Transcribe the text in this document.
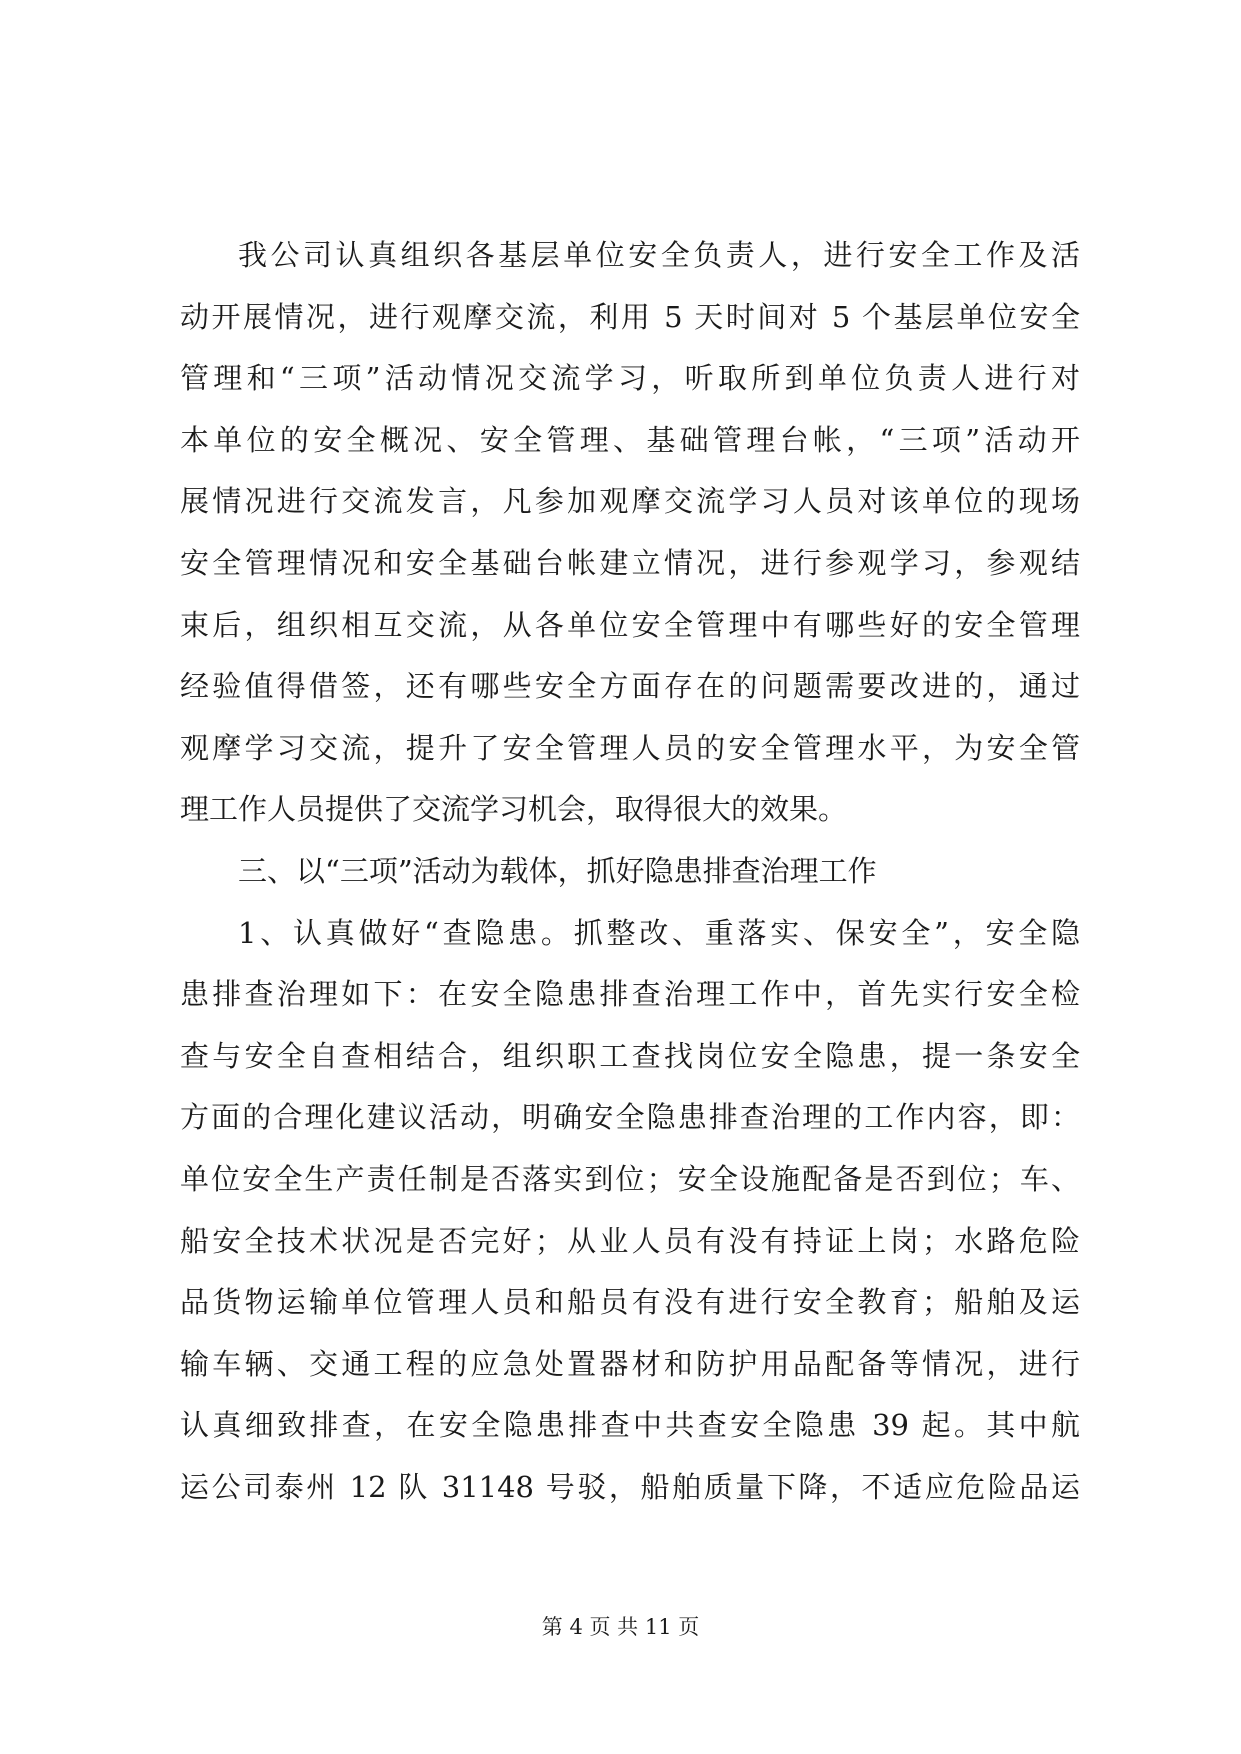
我公司认真组织各基层单位安全负责人，进行安全工作及活
动开展情况，进行观摩交流，利用 5 天时间对 5 个基层单位安全
管理和“三项”活动情况交流学习，听取所到单位负责人进行对
本单位的安全概况、安全管理、基础管理台帐，“三项”活动开
展情况进行交流发言，凡参加观摩交流学习人员对该单位的现场
安全管理情况和安全基础台帐建立情况，进行参观学习，参观结
束后，组织相互交流，从各单位安全管理中有哪些好的安全管理
经验值得借签，还有哪些安全方面存在的问题需要改进的，通过
观摩学习交流，提升了安全管理人员的安全管理水平，为安全管
理工作人员提供了交流学习机会，取得很大的效果。
三、以“三项”活动为载体，抓好隐患排查治理工作
1、认真做好“查隐患。抓整改、重落实、保安全”，安全隐
患排查治理如下：在安全隐患排查治理工作中，首先实行安全检
查与安全自查相结合，组织职工查找岗位安全隐患，提一条安全
方面的合理化建议活动，明确安全隐患排查治理的工作内容，即：
单位安全生产责任制是否落实到位；安全设施配备是否到位；车、
船安全技术状况是否完好；从业人员有没有持证上岗；水路危险
品货物运输单位管理人员和船员有没有进行安全教育；船舶及运
输车辆、交通工程的应急处置器材和防护用品配备等情况，进行
认真细致排查，在安全隐患排查中共查安全隐患 39 起。其中航
运公司泰州 12 队 31148 号驳，船舶质量下降，不适应危险品运
第 4 页 共 11 页
